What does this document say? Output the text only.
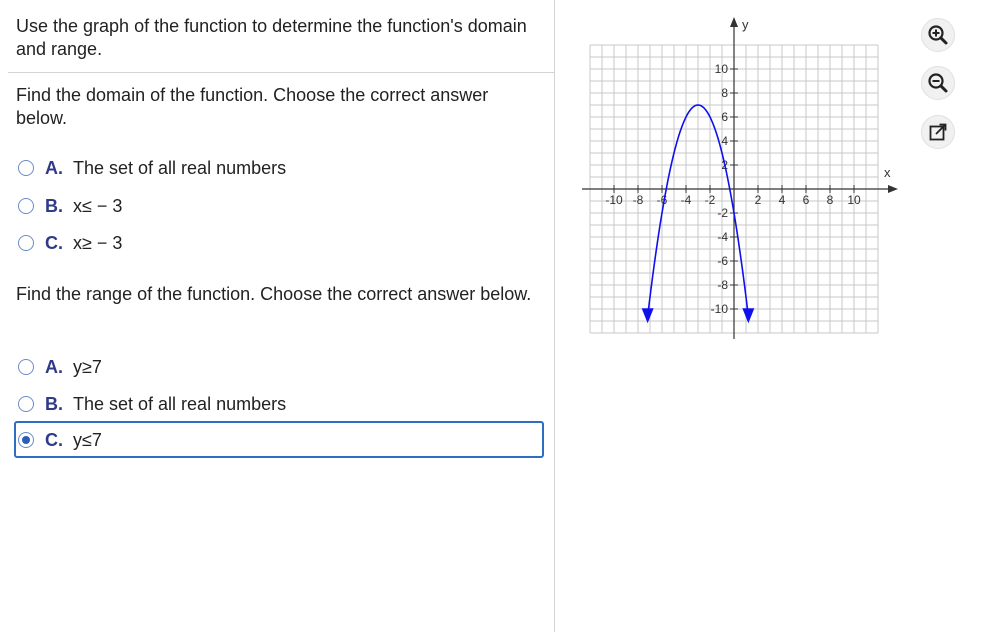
Use the graph of the function to determine the function's domain and range.
Find the domain of the function. Choose the correct answer below.
A. The set of all real numbers
B. x≤ − 3
C. x≥ − 3
Find the range of the function. Choose the correct answer below.
A. y≥7
B. The set of all real numbers
C. y≤7
-10 -8 -6 -4 -2	2 4 6 8 10
10
8
6
4
2
-2
-4
-6
-8
-10
x
y
